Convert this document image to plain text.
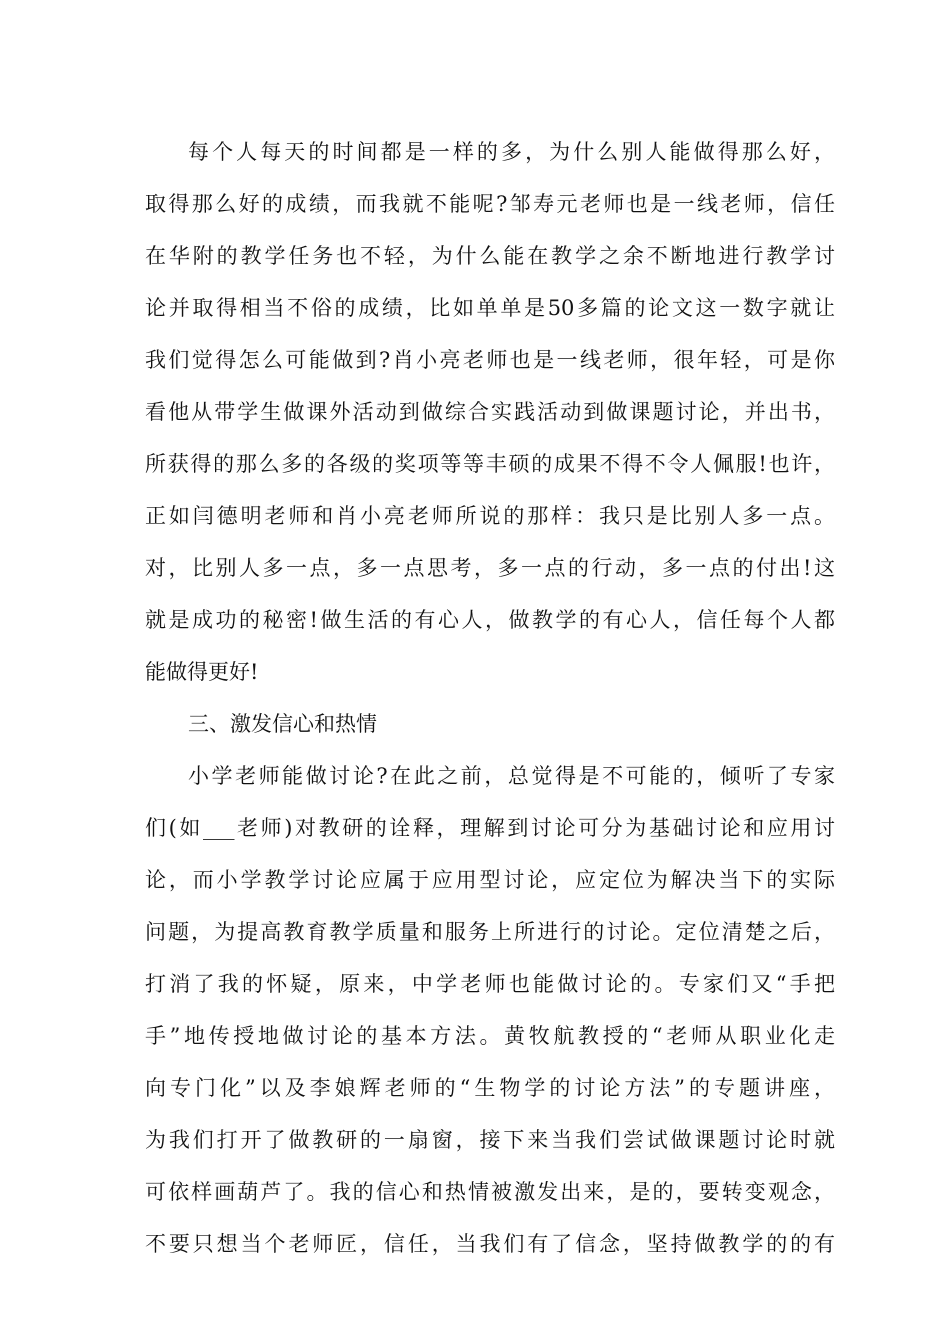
每个人每天的时间都是一样的多，为什么别人能做得那么好，
取得那么好的成绩，而我就不能呢?邹寿元老师也是一线老师，信任
在华附的教学任务也不轻，为什么能在教学之余不断地进行教学讨
论并取得相当不俗的成绩，比如单单是50多篇的论文这一数字就让
我们觉得怎么可能做到?肖小亮老师也是一线老师，很年轻，可是你
看他从带学生做课外活动到做综合实践活动到做课题讨论，并出书，
所获得的那么多的各级的奖项等等丰硕的成果不得不令人佩服!也许，
正如闫德明老师和肖小亮老师所说的那样：我只是比别人多一点。
对，比别人多一点，多一点思考，多一点的行动，多一点的付出!这
就是成功的秘密!做生活的有心人，做教学的有心人，信任每个人都
能做得更好!
三、激发信心和热情
小学老师能做讨论?在此之前，总觉得是不可能的，倾听了专家
们(如___老师)对教研的诠释，理解到讨论可分为基础讨论和应用讨
论，而小学教学讨论应属于应用型讨论，应定位为解决当下的实际
问题，为提高教育教学质量和服务上所进行的讨论。定位清楚之后，
打消了我的怀疑，原来，中学老师也能做讨论的。专家们又“手把
手”地传授地做讨论的基本方法。黄牧航教授的“老师从职业化走
向专门化”以及李娘辉老师的“生物学的讨论方法”的专题讲座，
为我们打开了做教研的一扇窗，接下来当我们尝试做课题讨论时就
可依样画葫芦了。我的信心和热情被激发出来，是的，要转变观念，
不要只想当个老师匠，信任，当我们有了信念，坚持做教学的的有
